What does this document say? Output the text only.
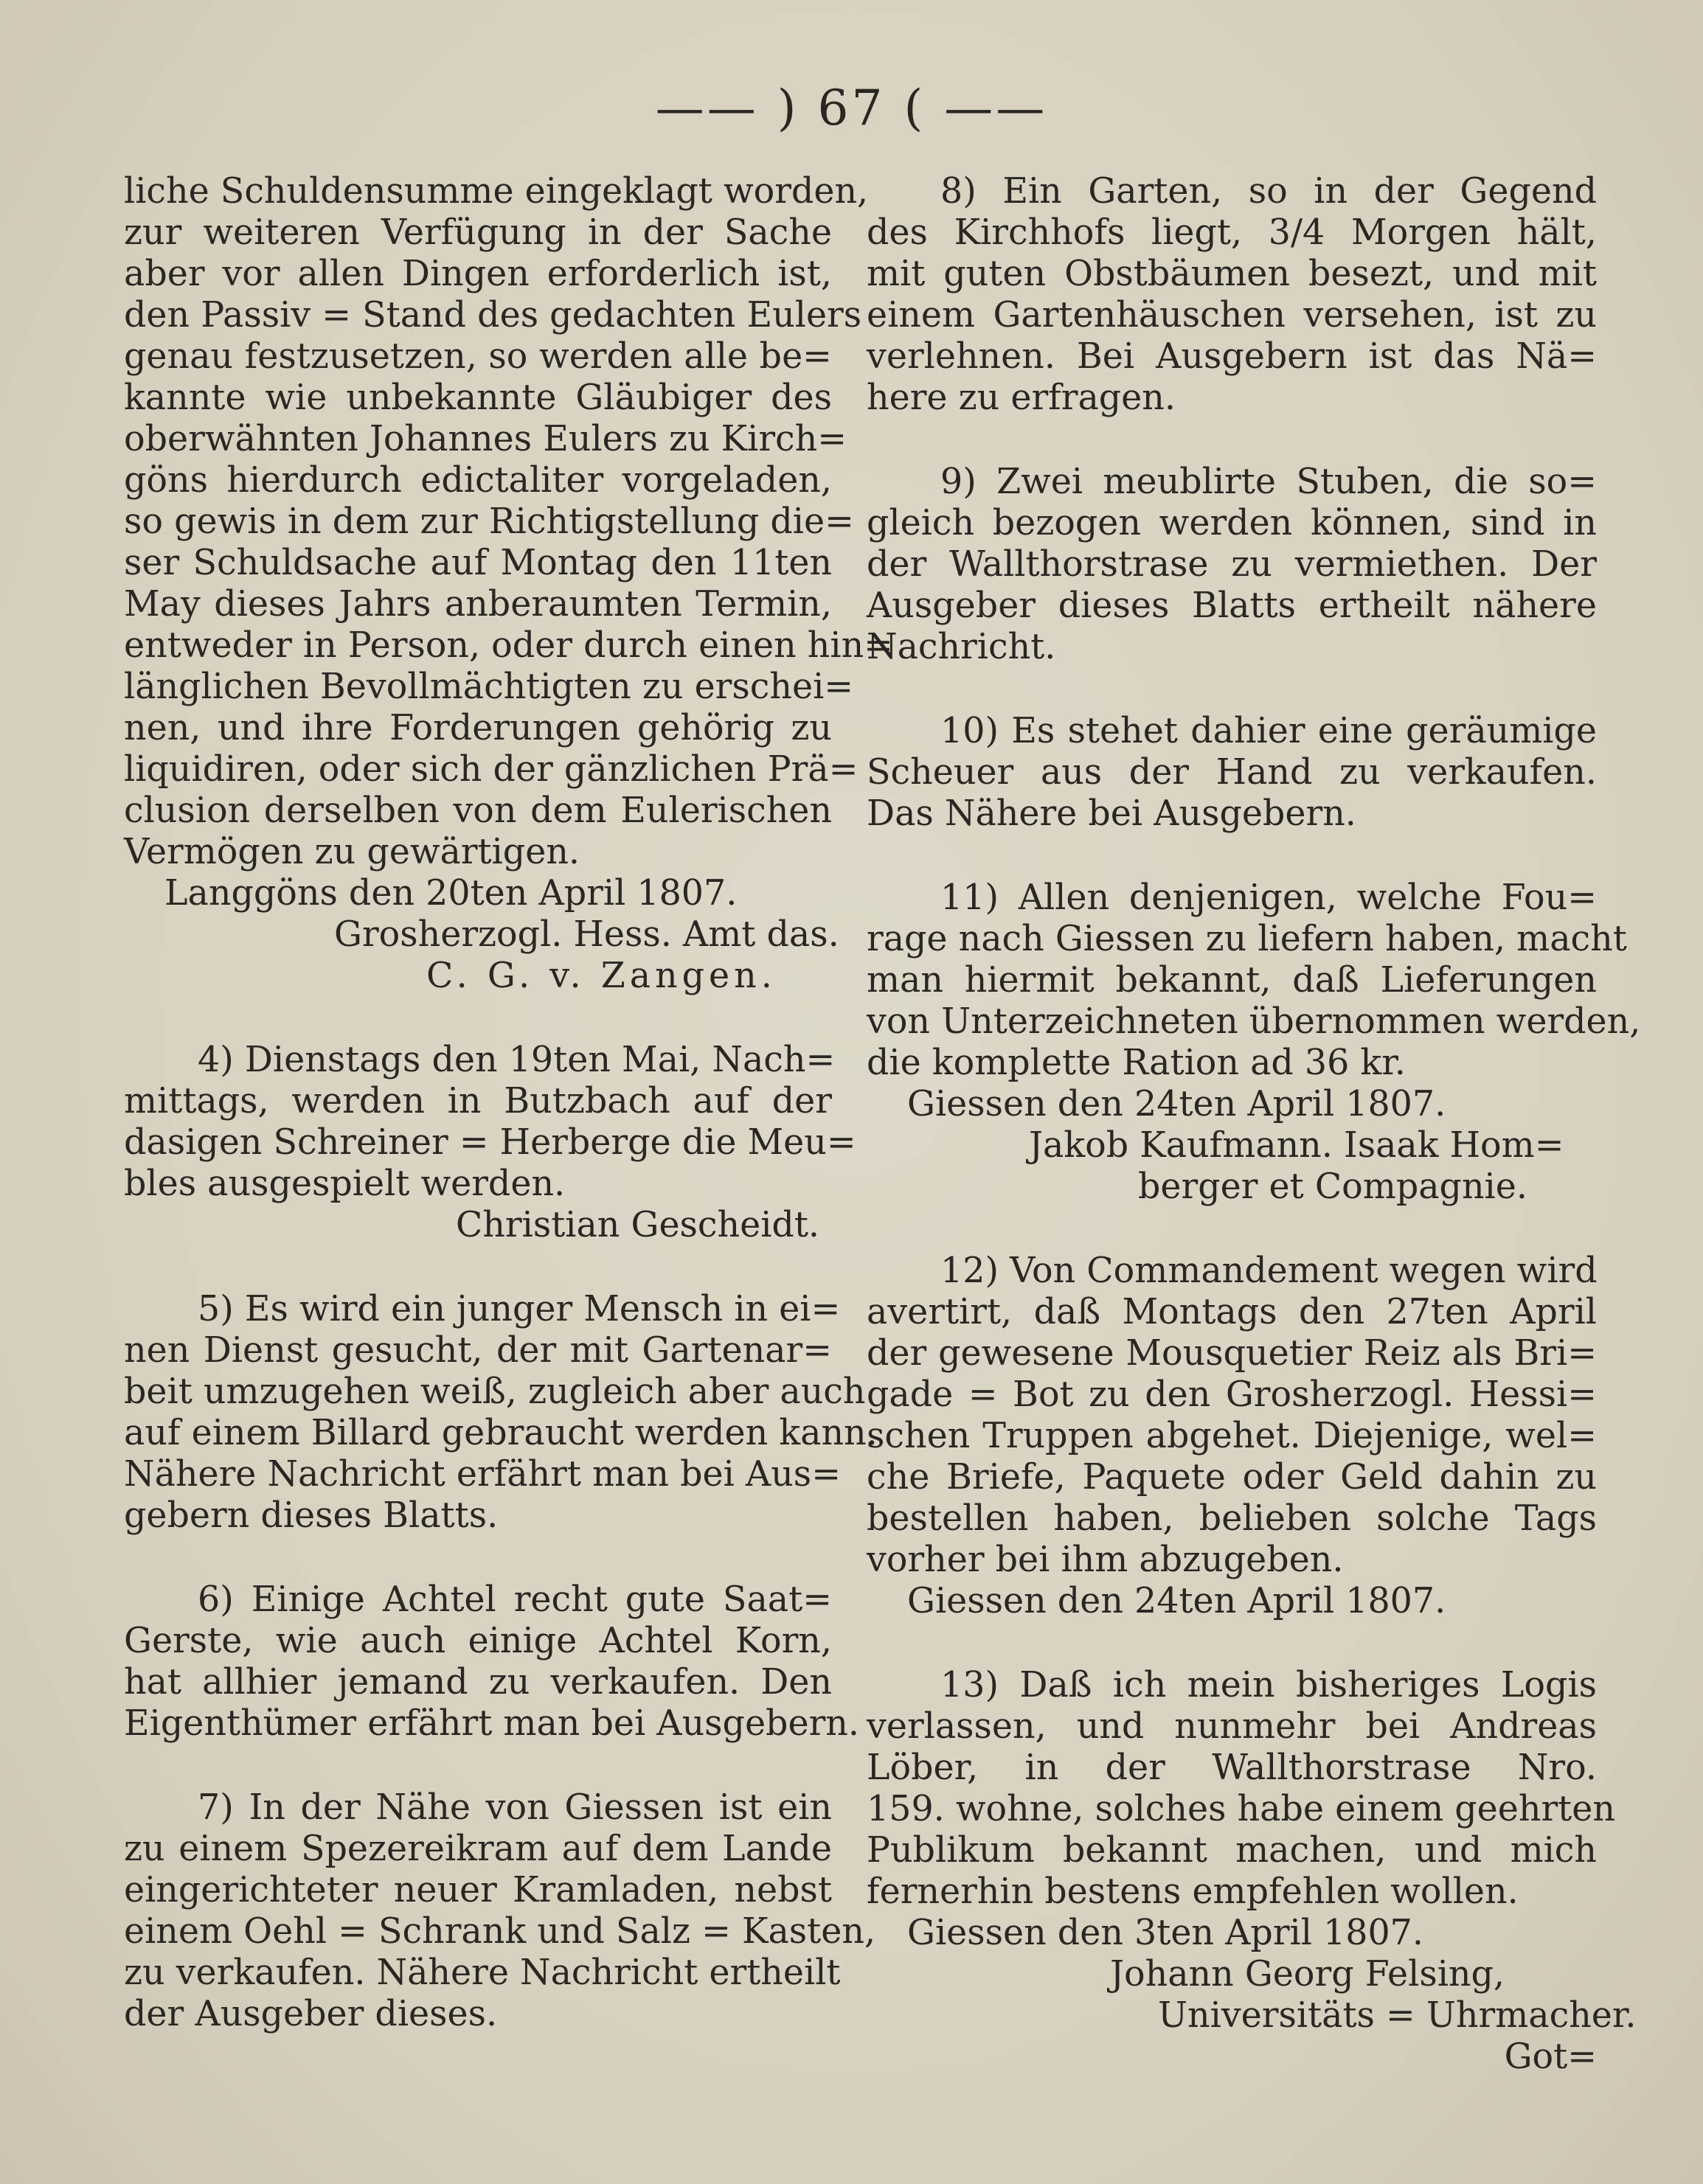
—— ) 67 ( ——
liche Schuldensumme eingeklagt worden,
zur weiteren Verfügung in der Sache
aber vor allen Dingen erforderlich ist,
den Passiv = Stand des gedachten Eulers
genau festzusetzen, so werden alle be=
kannte wie unbekannte Gläubiger des
oberwähnten Johannes Eulers zu Kirch=
göns hierdurch edictaliter vorgeladen,
so gewis in dem zur Richtigstellung die=
ser Schuldsache auf Montag den 11ten
May dieses Jahrs anberaumten Termin,
entweder in Person, oder durch einen hin=
länglichen Bevollmächtigten zu erschei=
nen, und ihre Forderungen gehörig zu
liquidiren, oder sich der gänzlichen Prä=
clusion derselben von dem Eulerischen
Vermögen zu gewärtigen.
Langgöns den 20ten April 1807.
Grosherzogl. Hess. Amt das.
C. G. v. Zangen.
4) Dienstags den 19ten Mai, Nach=
mittags, werden in Butzbach auf der
dasigen Schreiner = Herberge die Meu=
bles ausgespielt werden.
Christian Gescheidt.
5) Es wird ein junger Mensch in ei=
nen Dienst gesucht, der mit Gartenar=
beit umzugehen weiß, zugleich aber auch
auf einem Billard gebraucht werden kann.
Nähere Nachricht erfährt man bei Aus=
gebern dieses Blatts.
6) Einige Achtel recht gute Saat=
Gerste, wie auch einige Achtel Korn,
hat allhier jemand zu verkaufen. Den
Eigenthümer erfährt man bei Ausgebern.
7) In der Nähe von Giessen ist ein
zu einem Spezereikram auf dem Lande
eingerichteter neuer Kramladen, nebst
einem Oehl = Schrank und Salz = Kasten,
zu verkaufen. Nähere Nachricht ertheilt
der Ausgeber dieses.
8) Ein Garten, so in der Gegend
des Kirchhofs liegt, 3/4 Morgen hält,
mit guten Obstbäumen besezt, und mit
einem Gartenhäuschen versehen, ist zu
verlehnen. Bei Ausgebern ist das Nä=
here zu erfragen.
9) Zwei meublirte Stuben, die so=
gleich bezogen werden können, sind in
der Wallthorstrase zu vermiethen. Der
Ausgeber dieses Blatts ertheilt nähere
Nachricht.
10) Es stehet dahier eine geräumige
Scheuer aus der Hand zu verkaufen.
Das Nähere bei Ausgebern.
11) Allen denjenigen, welche Fou=
rage nach Giessen zu liefern haben, macht
man hiermit bekannt, daß Lieferungen
von Unterzeichneten übernommen werden,
die komplette Ration ad 36 kr.
Giessen den 24ten April 1807.
Jakob Kaufmann. Isaak Hom=
berger et Compagnie.
12) Von Commandement wegen wird
avertirt, daß Montags den 27ten April
der gewesene Mousquetier Reiz als Bri=
gade = Bot zu den Grosherzogl. Hessi=
schen Truppen abgehet. Diejenige, wel=
che Briefe, Paquete oder Geld dahin zu
bestellen haben, belieben solche Tags
vorher bei ihm abzugeben.
Giessen den 24ten April 1807.
13) Daß ich mein bisheriges Logis
verlassen, und nunmehr bei Andreas
Löber, in der Wallthorstrase Nro.
159. wohne, solches habe einem geehrten
Publikum bekannt machen, und mich
fernerhin bestens empfehlen wollen.
Giessen den 3ten April 1807.
Johann Georg Felsing,
Universitäts = Uhrmacher.
Got=
